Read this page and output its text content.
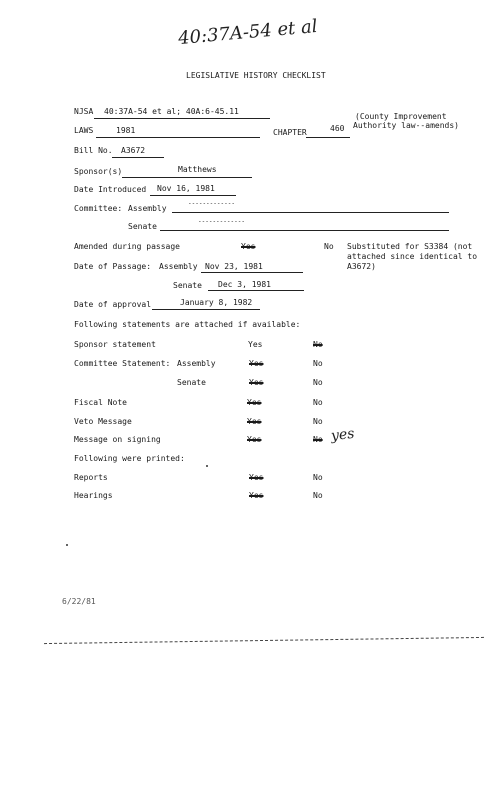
40:37A-54 et al
LEGISLATIVE HISTORY CHECKLIST
NJSA 40:37A-54 et al; 40A:6-45.11
(County Improvement
Authority law--amends)
LAWS	1981	CHAPTER	460
Bill No. A3672
Sponsor(s)	Matthews
Date Introduced Nov 16, 1981
Committee: Assembly
-------------
Senate
-------------
Amended during passage	Yes	No Substituted for S3384 (not
attached since identical to
A3672)
Date of Passage: Assembly Nov 23, 1981
Senate Dec 3, 1981
Date of approval	January 8, 1982
Following statements are attached if available:
Sponsor statement	Yes	No
Committee Statement: Assembly	Yes	No
Senate	Yes	No
Fiscal Note	Yes	No
Veto Message	Yes	No
Message on signing	Yes	No yes
Following were printed:
Reports	Yes	No
Hearings	Yes	No
6/22/81
